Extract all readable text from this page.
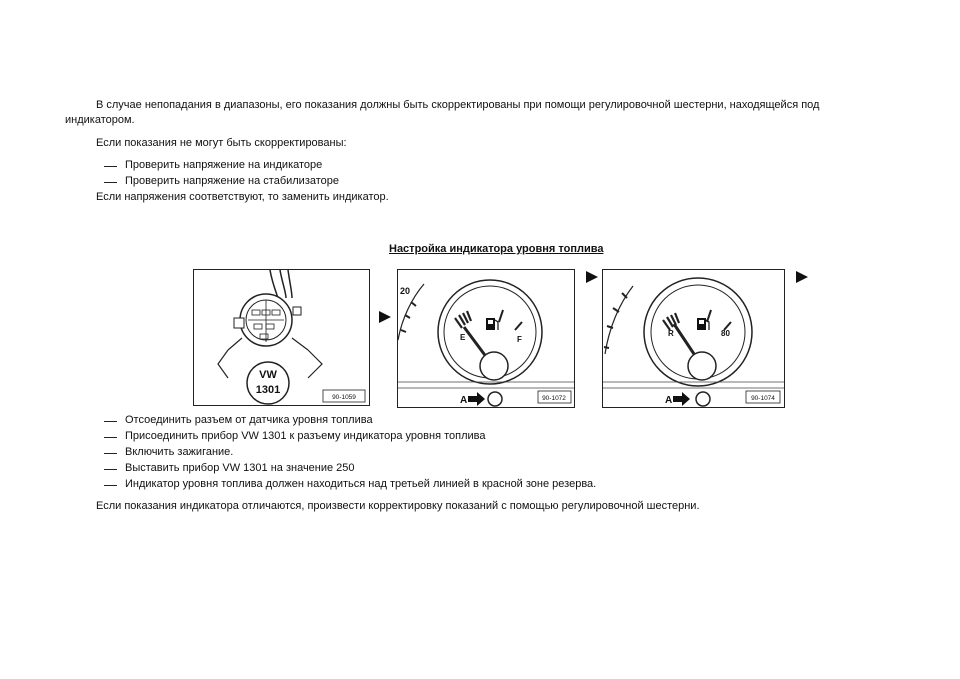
В случае непопадания в диапазоны, его показания должны быть скорректированы при помощи регулировочной шестерни, находящейся под
индикатором.
Если показания не могут быть скорректированы:
Проверить напряжение на индикаторе
Проверить напряжение на стабилизаторе
Если напряжения соответствуют, то заменить индикатор.
Настройка индикатора уровня топлива
VW
1301
90-1059
20
E	F
A	90-1072
R	80
A	90-1074
Отсоединить разъем от датчика уровня топлива
Присоединить прибор VW 1301 к разъему индикатора уровня топлива
Включить зажигание.
Выставить прибор VW 1301 на значение 250
Индикатор уровня топлива должен находиться над третьей линией в красной зоне резерва.
Если показания индикатора отличаются, произвести корректировку показаний с помощью регулировочной шестерни.
